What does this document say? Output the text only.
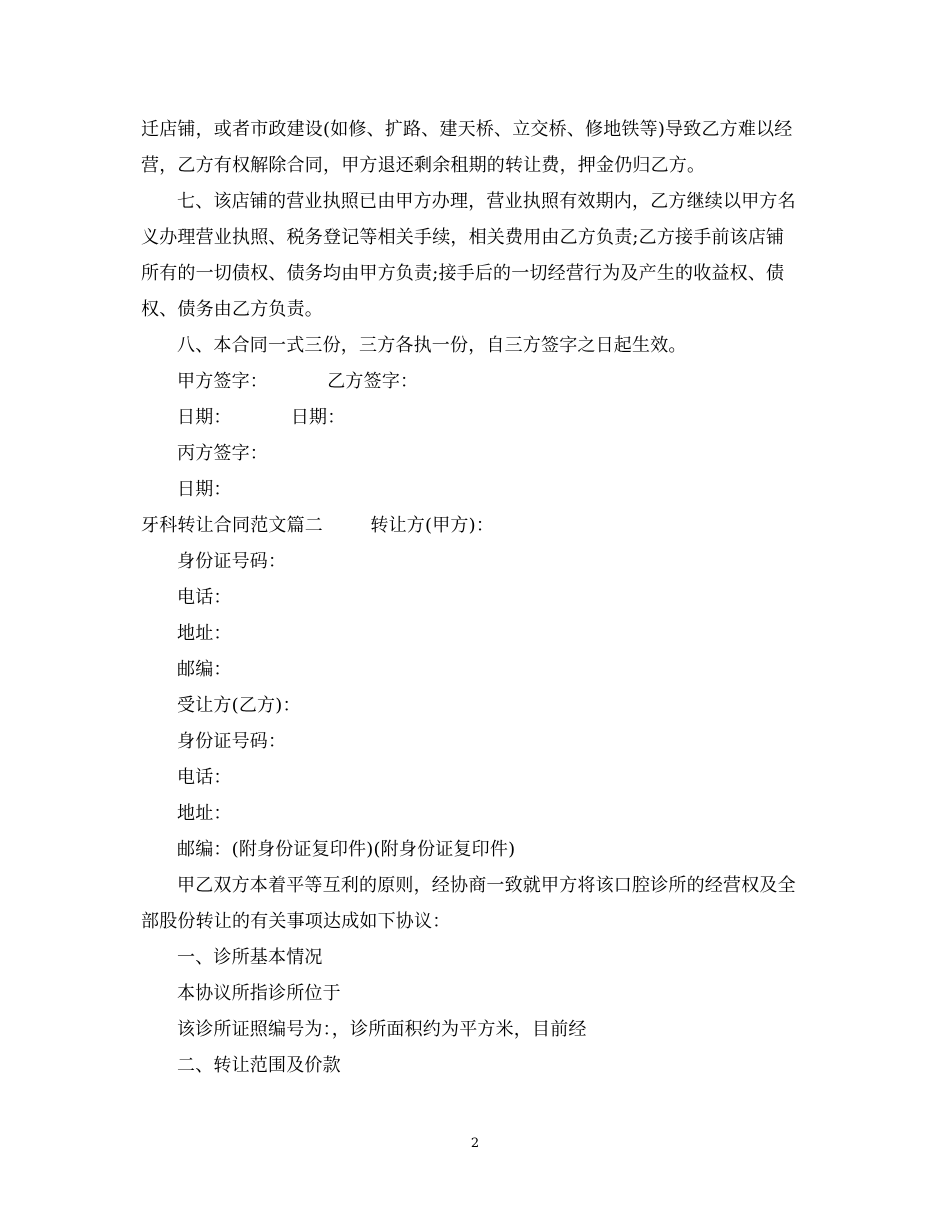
迁店铺，或者市政建设(如修、扩路、建天桥、立交桥、修地铁等)导致乙方难以经
营，乙方有权解除合同，甲方退还剩余租期的转让费，押金仍归乙方。
七、该店铺的营业执照已由甲方办理，营业执照有效期内，乙方继续以甲方名
义办理营业执照、税务登记等相关手续，相关费用由乙方负责;乙方接手前该店铺
所有的一切债权、债务均由甲方负责;接手后的一切经营行为及产生的收益权、债
权、债务由乙方负责。
八、本合同一式三份，三方各执一份，自三方签字之日起生效。
甲方签字：          乙方签字：
日期：          日期：
丙方签字：
日期：
牙科转让合同范文篇二        转让方(甲方)：
身份证号码：
电话：
地址：
邮编：
受让方(乙方)：
身份证号码：
电话：
地址：
邮编：(附身份证复印件)(附身份证复印件)
甲乙双方本着平等互利的原则，经协商一致就甲方将该口腔诊所的经营权及全
部股份转让的有关事项达成如下协议：
一、诊所基本情况
本协议所指诊所位于
该诊所证照编号为：，诊所面积约为平方米，目前经
二、转让范围及价款
2
